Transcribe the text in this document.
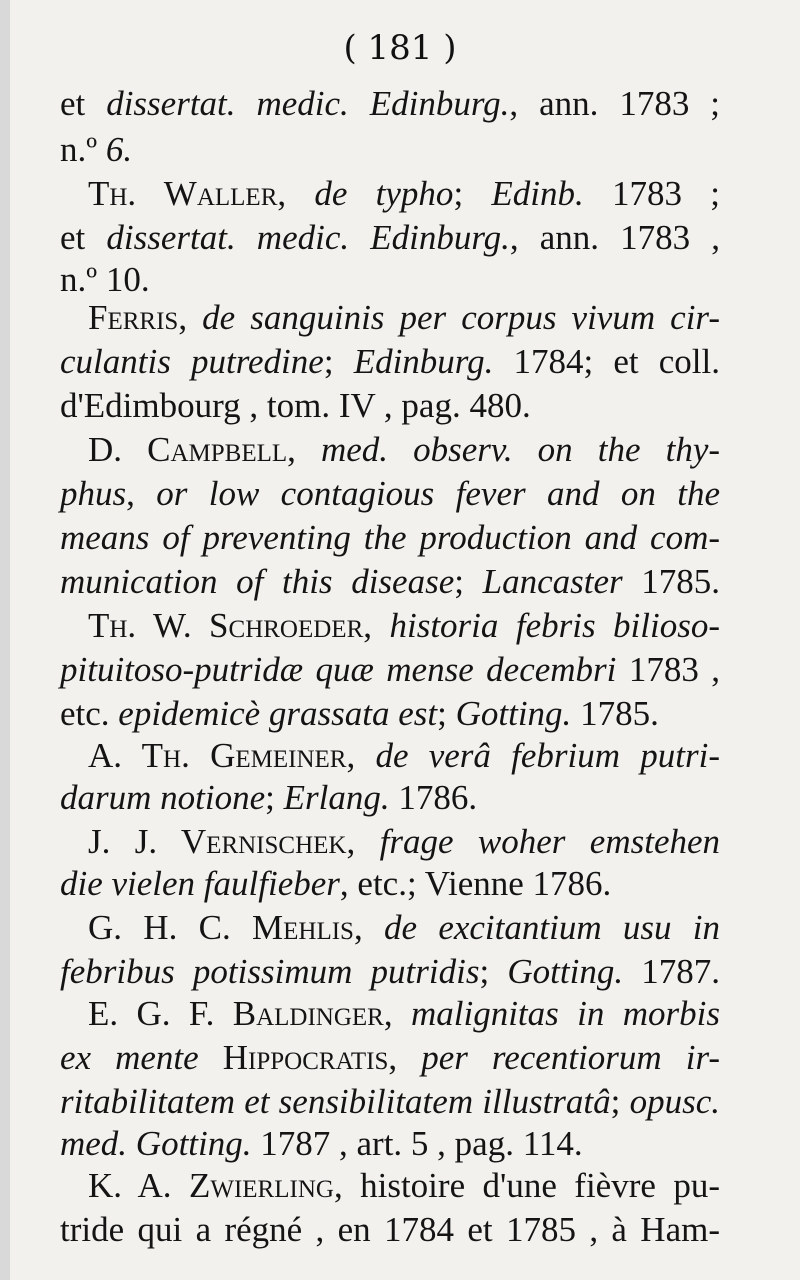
( 181 )
et dissertat. medic. Edinburg., ann. 1783 ;
n.º 6.
Th. Waller, de typho; Edinb. 1783 ;
et dissertat. medic. Edinburg., ann. 1783 ,
n.º 10.
Ferris, de sanguinis per corpus vivum cir-
culantis putredine; Edinburg. 1784; et coll.
d'Edimbourg , tom. IV , pag. 480.
D. Campbell, med. observ. on the thy-
phus, or low contagious fever and on the
means of preventing the production and com-
munication of this disease; Lancaster 1785.
Th. W. Schroeder, historia febris bilioso-
pituitoso-putridæ quæ mense decembri 1783 ,
etc. epidemicè grassata est; Gotting. 1785.
A. Th. Gemeiner, de verâ febrium putri-
darum notione; Erlang. 1786.
J. J. Vernischek, frage woher emstehen
die vielen faulfieber, etc.; Vienne 1786.
G. H. C. Mehlis, de excitantium usu in
febribus potissimum putridis; Gotting. 1787.
E. G. F. Baldinger, malignitas in morbis
ex mente Hippocratis, per recentiorum ir-
ritabilitatem et sensibilitatem illustratâ; opusc.
med. Gotting. 1787 , art. 5 , pag. 114.
K. A. Zwierling, histoire d'une fièvre pu-
tride qui a régné , en 1784 et 1785 , à Ham-
